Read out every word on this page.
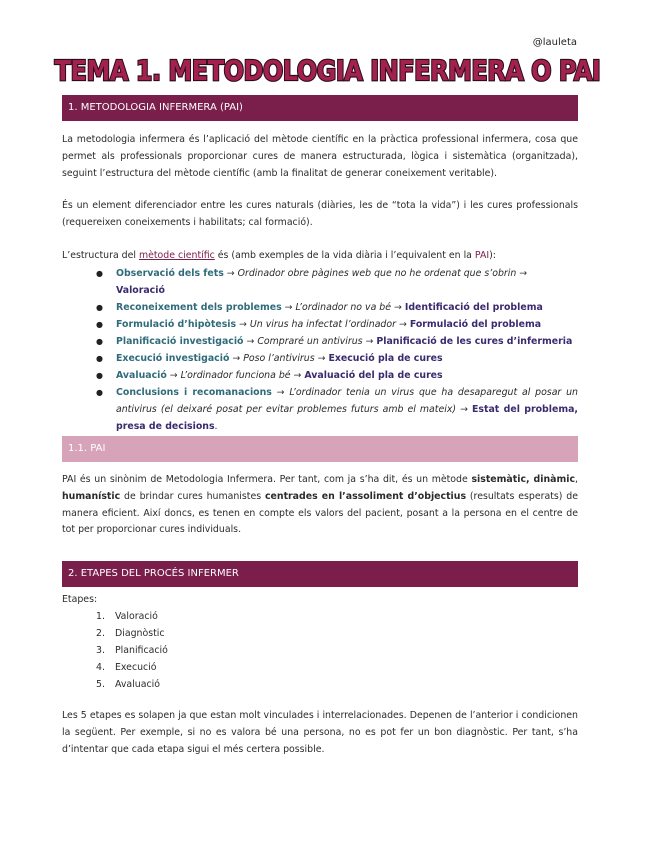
@lauleta
TEMA 1. METODOLOGIA INFERMERA O PAI
1. METODOLOGIA INFERMERA (PAI)

La metodologia infermera és l’aplicació del mètode científic en la pràctica professional infermera, cosa que permet als professionals proporcionar cures de manera estructurada, lògica i sistemàtica (organitzada), seguint l’estructura del mètode científic (amb la finalitat de generar coneixement veritable).

És un element diferenciador entre les cures naturals (diàries, les de “tota la vida”) i les cures professionals (requereixen coneixements i habilitats; cal formació).

L’estructura del mètode científic és (amb exemples de la vida diària i l’equivalent en la PAI):

● Observació dels fets → Ordinador obre pàgines web que no he ordenat que s’obrin → Valoració
● Reconeixement dels problemes → L’ordinador no va bé → Identificació del problema
● Formulació d’hipòtesis → Un virus ha infectat l’ordinador → Formulació del problema
● Planificació investigació → Compraré un antivirus → Planificació de les cures d’infermeria
● Execució investigació → Poso l’antivirus → Execució pla de cures
● Avaluació → L’ordinador funciona bé → Avaluació del pla de cures
● Conclusions i recomanacions → L’ordinador tenia un virus que ha desaparegut al posar un antivirus (el deixaré posat per evitar problemes futurs amb el mateix) → Estat del problema, presa de decisions.
1.1. PAI

PAI és un sinònim de Metodologia Infermera. Per tant, com ja s’ha dit, és un mètode sistemàtic, dinàmic, humanístic de brindar cures humanistes centrades en l’assoliment d’objectius (resultats esperats) de manera eficient. Així doncs, es tenen en compte els valors del pacient, posant a la persona en el centre de tot per proporcionar cures individuals.

2. ETAPES DEL PROCÉS INFERMER

Etapes:

1. Valoració
2. Diagnòstic
3. Planificació
4. Execució
5. Avaluació

Les 5 etapes es solapen ja que estan molt vinculades i interrelacionades. Depenen de l’anterior i condicionen la següent. Per exemple, si no es valora bé una persona, no es pot fer un bon diagnòstic. Per tant, s’ha d’intentar que cada etapa sigui el més certera possible.
